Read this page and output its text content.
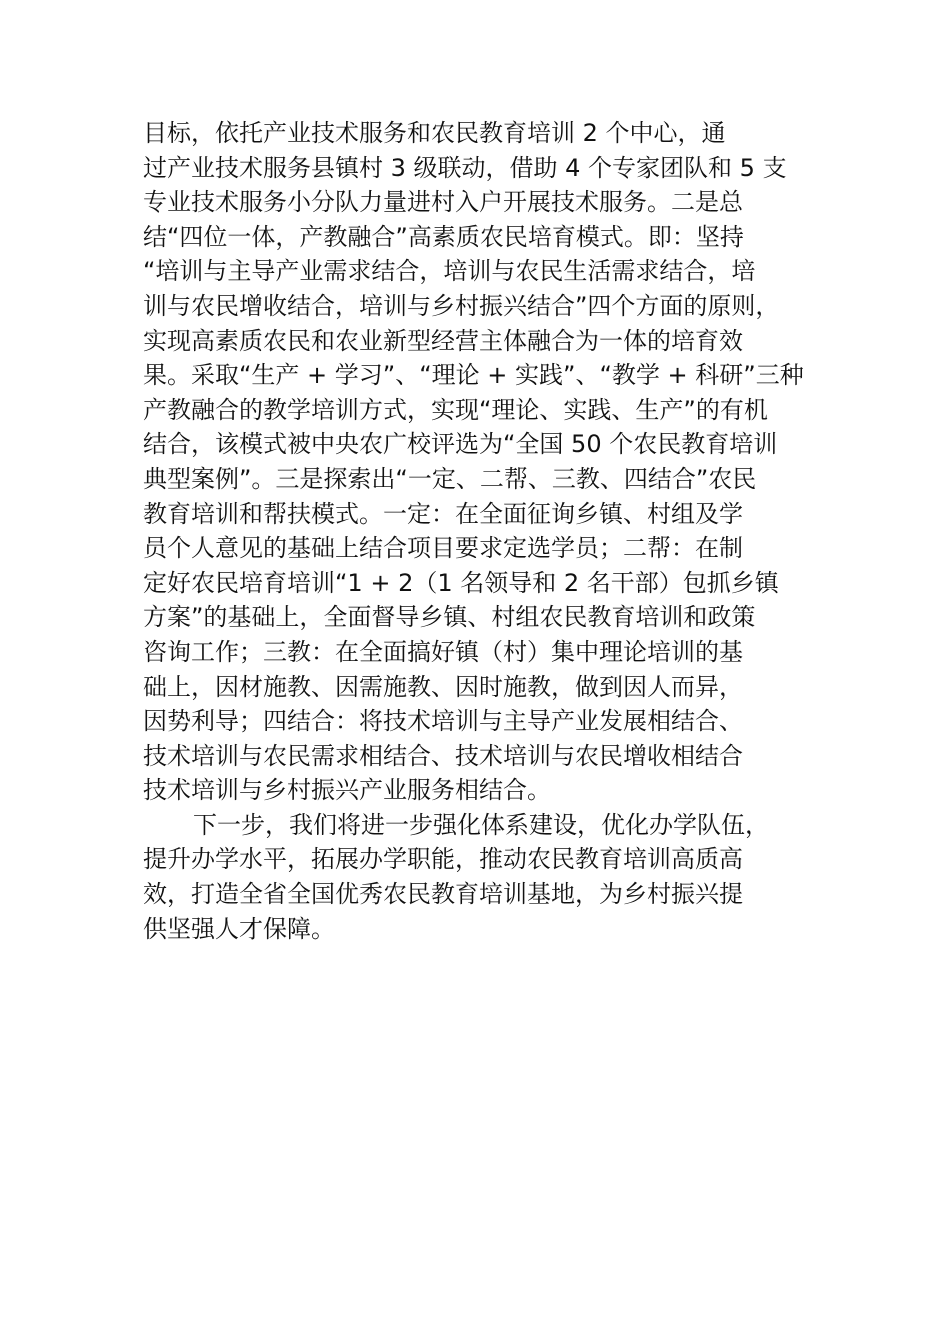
目标，依托产业技术服务和农民教育培训 2 个中心，通
过产业技术服务县镇村 3 级联动，借助 4 个专家团队和 5 支
专业技术服务小分队力量进村入户开展技术服务。二是总
结“四位一体，产教融合”高素质农民培育模式。即：坚持
“培训与主导产业需求结合，培训与农民生活需求结合，培
训与农民增收结合，培训与乡村振兴结合”四个方面的原则，
实现高素质农民和农业新型经营主体融合为一体的培育效
果。采取“生产 + 学习”、“理论 + 实践”、“教学 + 科研”三种
产教融合的教学培训方式，实现“理论、实践、生产”的有机
结合，该模式被中央农广校评选为“全国 50 个农民教育培训
典型案例”。三是探索出“一定、二帮、三教、四结合”农民
教育培训和帮扶模式。一定：在全面征询乡镇、村组及学
员个人意见的基础上结合项目要求定选学员；二帮：在制
定好农民培育培训“1 + 2（1 名领导和 2 名干部）包抓乡镇
方案”的基础上，全面督导乡镇、村组农民教育培训和政策
咨询工作；三教：在全面搞好镇（村）集中理论培训的基
础上，因材施教、因需施教、因时施教，做到因人而异，
因势利导；四结合：将技术培训与主导产业发展相结合、
技术培训与农民需求相结合、技术培训与农民增收相结合
技术培训与乡村振兴产业服务相结合。
下一步，我们将进一步强化体系建设，优化办学队伍，
提升办学水平，拓展办学职能，推动农民教育培训高质高
效，打造全省全国优秀农民教育培训基地，为乡村振兴提
供坚强人才保障。
